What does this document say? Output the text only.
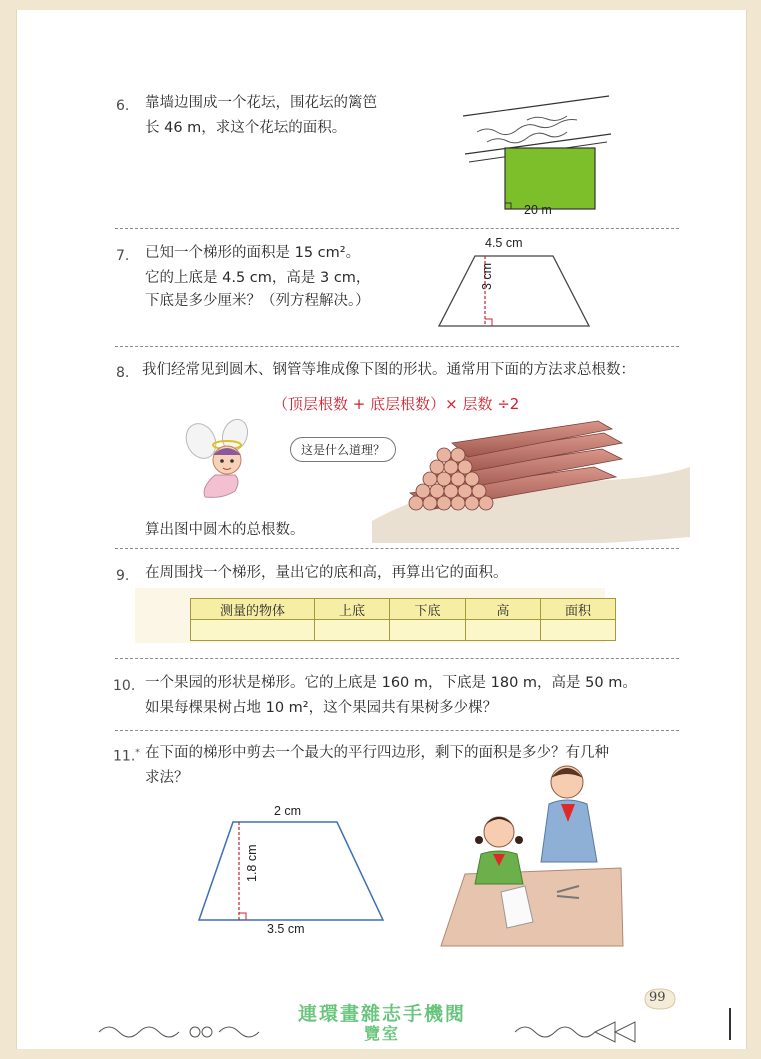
6. 靠墙边围成一个花坛，围花坛的篱笆
长 46 m，求这个花坛的面积。
20 m
7. 已知一个梯形的面积是 15 cm²。
它的上底是 4.5 cm，高是 3 cm，
下底是多少厘米？（列方程解决。）
4.5 cm
3 cm
8. 我们经常见到圆木、钢管等堆成像下图的形状。通常用下面的方法求总根数：
（顶层根数 + 底层根数）× 层数 ÷2
这是什么道理？
算出图中圆木的总根数。
9. 在周围找一个梯形，量出它的底和高，再算出它的面积。
测量的物体	上底	下底	高	面积

10. 一个果园的形状是梯形。它的上底是 160 m，下底是 180 m，高是 50 m。
如果每棵果树占地 10 m²，这个果园共有果树多少棵？
11.* 在下面的梯形中剪去一个最大的平行四边形，剩下的面积是多少？有几种
求法？
2 cm
1.8 cm
3.5 cm
99
連環畫雜志手機閱
覽室
